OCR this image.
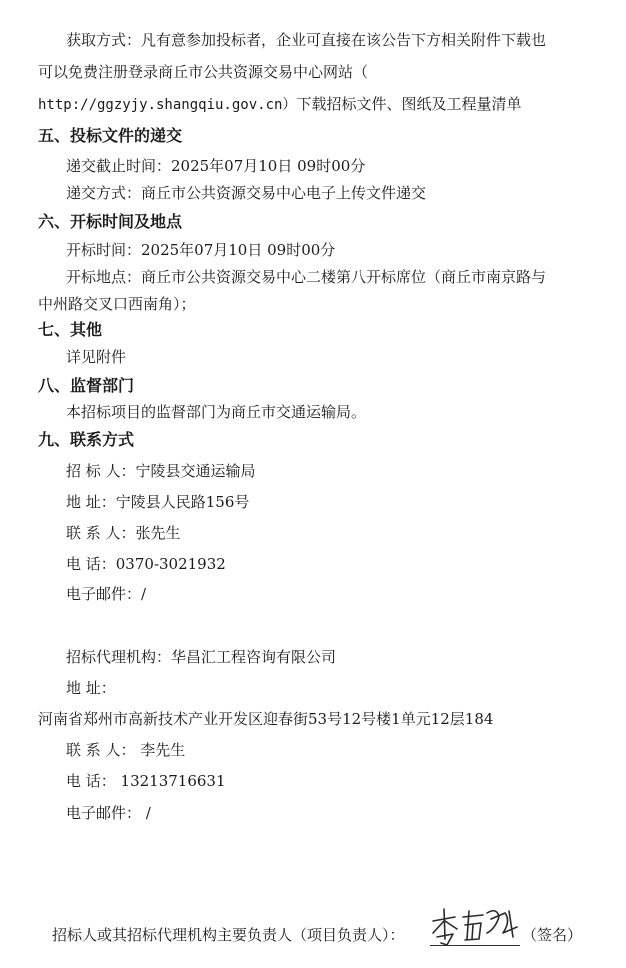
获取方式：凡有意参加投标者，企业可直接在该公告下方相关附件下载也
可以免费注册登录商丘市公共资源交易中心网站（
http://ggzyjy.shangqiu.gov.cn）下载招标文件、图纸及工程量清单
五、投标文件的递交
递交截止时间：2025年07月10日 09时00分
递交方式：商丘市公共资源交易中心电子上传文件递交
六、开标时间及地点
开标时间：2025年07月10日 09时00分
开标地点：商丘市公共资源交易中心二楼第八开标席位（商丘市南京路与
中州路交叉口西南角）；
七、其他
详见附件
八、监督部门
本招标项目的监督部门为商丘市交通运输局。
九、联系方式
招 标 人：宁陵县交通运输局
地 址：宁陵县人民路156号
联 系 人：张先生
电 话：0370-3021932
电子邮件：/
招标代理机构：华昌汇工程咨询有限公司
地 址：
河南省郑州市高新技术产业开发区迎春街53号12号楼1单元12层184
联 系 人： 李先生
电 话： 13213716631
电子邮件： /
招标人或其招标代理机构主要负责人（项目负责人）：	（签名）
